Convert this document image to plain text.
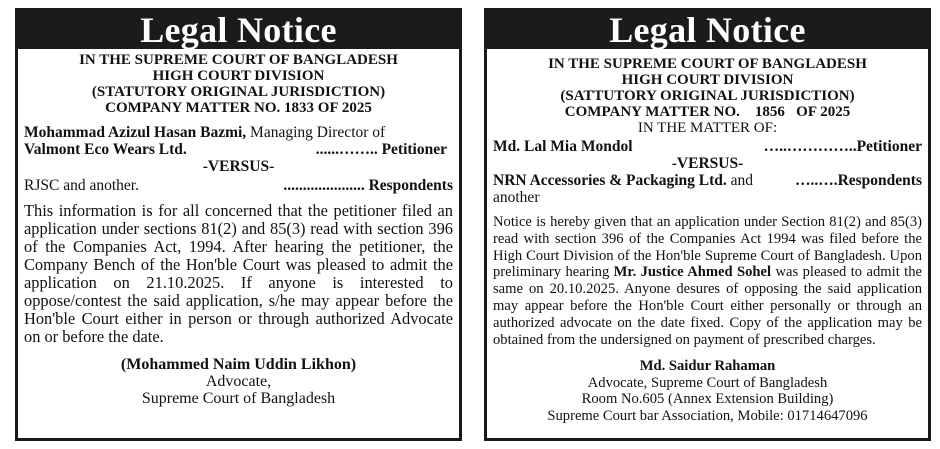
Legal Notice
IN THE SUPREME COURT OF BANGLADESH
HIGH COURT DIVISION
(STATUTORY ORIGINAL JURISDICTION)
COMPANY MATTER NO. 1833 OF 2025
Mohammad Azizul Hasan Bazmi, Managing Director of
Valmont Eco Wears Ltd.	......…….. Petitioner
-VERSUS-
RJSC and another.	..................... Respondents
This information is for all concerned that the petitioner filed an application under sections 81(2) and 85(3) read with section 396 of the Companies Act, 1994. After hearing the petitioner, the Company Bench of the Hon'ble Court was pleased to admit the application on 21.10.2025. If anyone is interested to oppose/contest the said application, s/he may appear before the Hon'ble Court either in person or through authorized Advocate on or before the date.
(Mohammed Naim Uddin Likhon)
Advocate,
Supreme Court of Bangladesh
Legal Notice
IN THE SUPREME COURT OF BANGLADESH
HIGH COURT DIVISION
(SATTUTORY ORIGINAL JURISDICTION)
COMPANY MATTER NO.    1856   OF 2025
IN THE MATTER OF:
Md. Lal Mia Mondol	…..…………..Petitioner
-VERSUS-
NRN Accessories & Packaging Ltd. and another
…..….Respondents
Notice is hereby given that an application under Section 81(2) and 85(3) read with section 396 of the Companies Act 1994 was filed before the High Court Division of the Hon'ble Supreme Court of Bangladesh. Upon preliminary hearing Mr. Justice Ahmed Sohel was pleased to admit the same on 20.10.2025. Anyone desures of opposing the said application may appear before the Hon'ble Court either personally or through an authorized advocate on the date fixed. Copy of the application may be obtained from the undersigned on payment of prescribed charges.
Md. Saidur Rahaman
Advocate, Supreme Court of Bangladesh
Room No.605 (Annex Extension Building)
Supreme Court bar Association, Mobile: 01714647096
